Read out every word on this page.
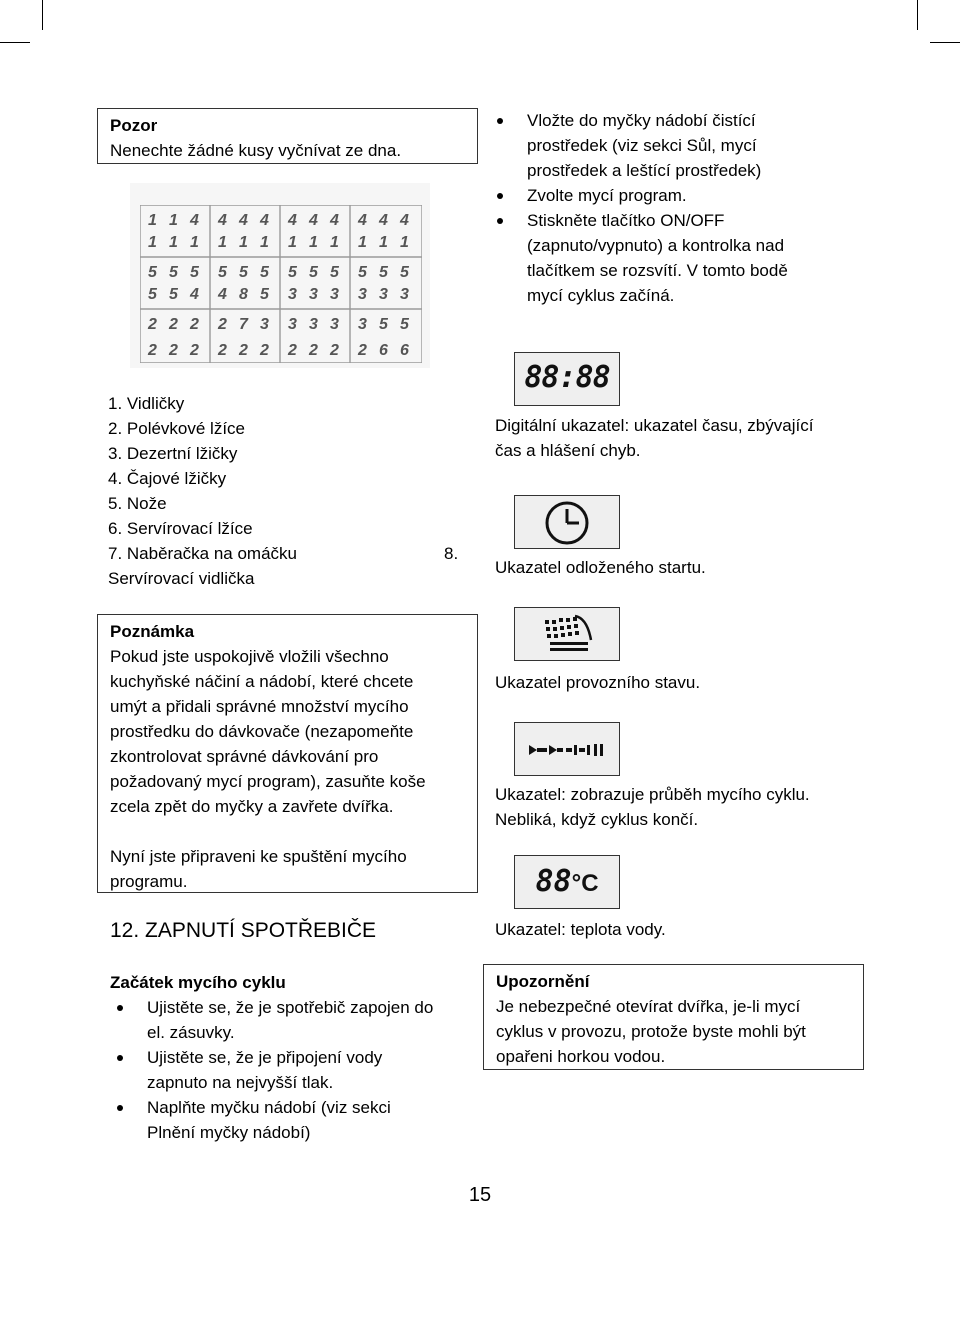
Pozor
Nenechte žádné kusy vyčnívat ze dna.
1 1 4 4 4 4 4 4 4 4 4 4
1 1 1 1 1 1 1 1 1 1 1 1
5 5 5 5 5 5 5 5 5 5 5 5
5 5 4 4 8 5 3 3 3 3 3 3
2 2 2 2 7 3 3 3 3 3 5 5
2 2 2 2 2 2 2 2 2 2 6 6
1. Vidličky
2. Polévkové lžíce
3. Dezertní lžičky
4. Čajové lžičky
5. Nože
6. Servírovací lžíce
7. Naběračka na omáčku	8.
Servírovací vidlička
Poznámka
Pokud jste uspokojivě vložili všechno
kuchyňské náčiní a nádobí, které chcete
umýt a přidali správné množství mycího
prostředku do dávkovače (nezapomeňte
zkontrolovat správné dávkování pro
požadovaný mycí program), zasuňte koše
zcela zpět do myčky a zavřete dvířka.
Nyní jste připraveni ke spuštění mycího
programu.
12. ZAPNUTÍ SPOTŘEBIČE
Začátek mycího cyklu
Ujistěte se, že je spotřebič zapojen do
el. zásuvky.
Ujistěte se, že je připojení vody
zapnuto na nejvyšší tlak.
Naplňte myčku nádobí (viz sekci
Plnění myčky nádobí)
Vložte do myčky nádobí čistící
prostředek (viz sekci Sůl, mycí
prostředek a leštící prostředek)
Zvolte mycí program.
Stiskněte tlačítko ON/OFF
(zapnuto/vypnuto) a kontrolka nad
tlačítkem se rozsvítí. V tomto bodě
mycí cyklus začíná.
88:88
Digitální ukazatel: ukazatel času, zbývající
čas a hlášení chyb.
Ukazatel odloženého startu.
Ukazatel provozního stavu.
Ukazatel: zobrazuje průběh mycího cyklu.
Nebliká, když cyklus končí.
88°C
Ukazatel: teplota vody.
Upozornění
Je nebezpečné otevírat dvířka, je-li mycí
cyklus v provozu, protože byste mohli být
opařeni horkou vodou.
15
